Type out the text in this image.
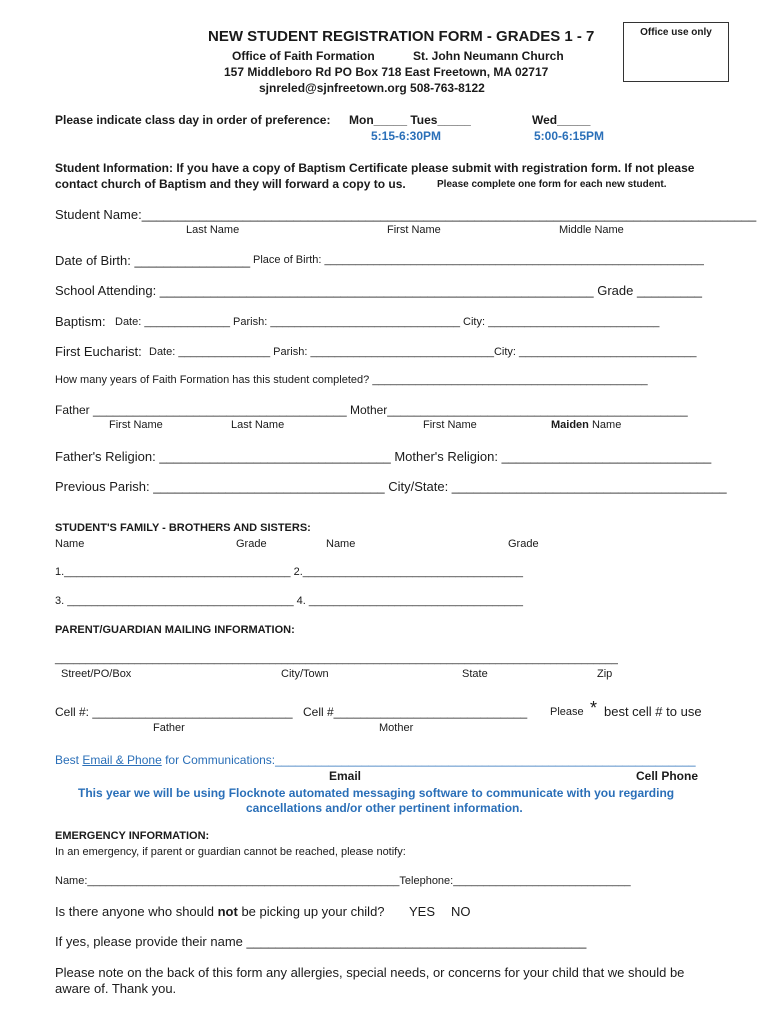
Office use only
NEW STUDENT REGISTRATION FORM - GRADES 1 - 7
Office of Faith Formation	St. John Neumann Church
157 Middleboro Rd PO Box 718 East Freetown, MA 02717
sjnreled@sjnfreetown.org 508-763-8122
Please indicate class day in order of preference: Mon_____ Tues_____
5:15-6:30PM
Wed_____
5:00-6:15PM
Student Information: If you have a copy of Baptism Certificate please submit with registration form. If not please
contact church of Baptism and they will forward a copy to us.	Please complete one form for each new student.
Student Name:_____________________________________________________________________________________
Last Name	First Name	Middle Name
Date of Birth: ________________ Place of Birth: ______________________________________________________________
School Attending: ____________________________________________________________ Grade _________
Baptism: Date: ______________ Parish: _______________________________ City: ____________________________
First Eucharist: Date: _______________ Parish: ______________________________City: _____________________________
How many years of Faith Formation has this student completed? _____________________________________________
Father ______________________________________ Mother_____________________________________________
First Name	Last Name	First Name	Maiden Name
Father's Religion: ________________________________ Mother's Religion: _____________________________
Previous Parish: ________________________________ City/State: ______________________________________
STUDENT'S FAMILY - BROTHERS AND SISTERS:
Name	Grade	Name	Grade
1._____________________________________ 2.____________________________________
3. _____________________________________ 4. ___________________________________
PARENT/GUARDIAN MAILING INFORMATION:
____________________________________________________________________________________________
Street/PO/Box	City/Town	State	Zip
Cell #: ______________________________ Cell #_____________________________ Please * best cell # to use
Father	Mother
Best Email & Phone for Communications:_______________________________________________________________
Email	Cell Phone
This year we will be using Flocknote automated messaging software to communicate with you regarding
cancellations and/or other pertinent information.
EMERGENCY INFORMATION:
In an emergency, if parent or guardian cannot be reached, please notify:
Name:___________________________________________________Telephone:_____________________________
Is there anyone who should not be picking up your child? YES NO
If yes, please provide their name _______________________________________________
Please note on the back of this form any allergies, special needs, or concerns for your child that we should be
aware of. Thank you.
